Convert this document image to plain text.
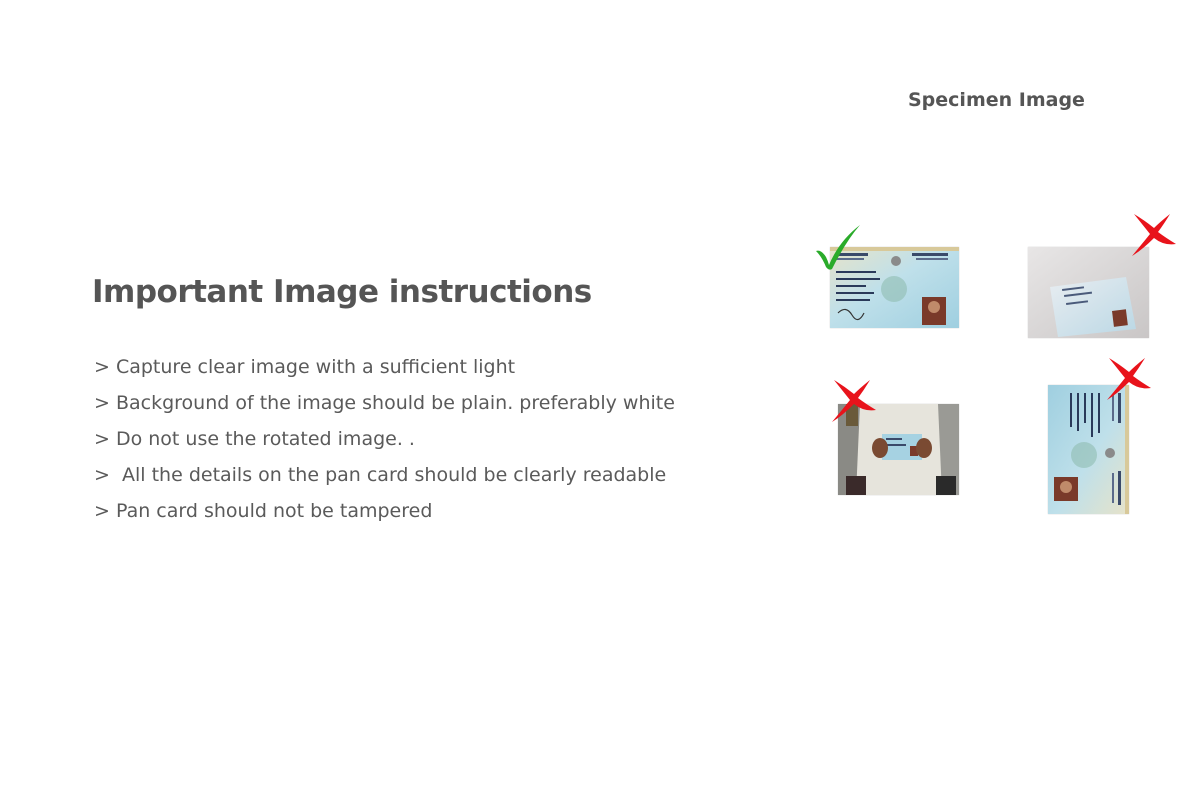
Important Image instructions
> Capture clear image with a sufficient light
> Background of the image should be plain. preferably white
> Do not use the rotated image. .
>  All the details on the pan card should be clearly readable
> Pan card should not be tampered
Specimen Image
